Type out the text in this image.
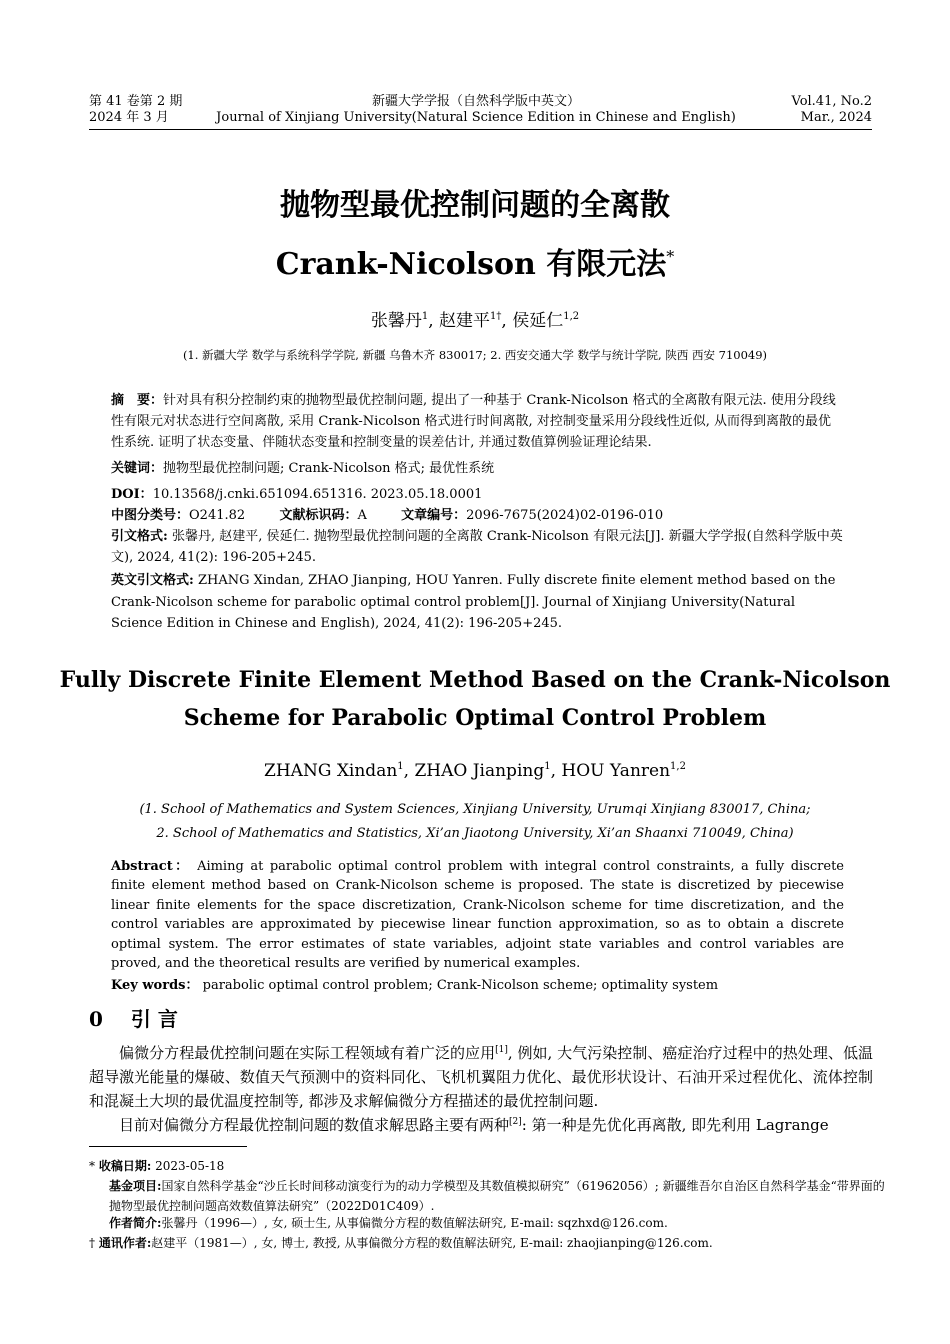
第 41 卷第 2 期
2024 年 3 月
新疆大学学报（自然科学版中英文）
Journal of Xinjiang University(Natural Science Edition in Chinese and English)
Vol.41, No.2
Mar., 2024
抛物型最优控制问题的全离散
Crank-Nicolson 有限元法*
张馨丹$^1$, 赵建平$^{1\dagger}$, 侯延仁$^{1,2}$
(1. 新疆大学 数学与系统科学学院, 新疆 乌鲁木齐 830017; 2. 西安交通大学 数学与统计学院, 陕西 西安 710049)
摘　要：针对具有积分控制约束的抛物型最优控制问题, 提出了一种基于 Crank-Nicolson 格式的全离散有限元法. 使用分段线性有限元对状态进行空间离散, 采用 Crank-Nicolson 格式进行时间离散, 对控制变量采用分段线性近似, 从而得到离散的最优性系统. 证明了状态变量、伴随状态变量和控制变量的误差估计, 并通过数值算例验证理论结果.
关键词：抛物型最优控制问题; Crank-Nicolson 格式; 最优性系统
DOI：10.13568/j.cnki.651094.651316. 2023.05.18.0001
中图分类号：O241.82	文献标识码：A	文章编号：2096-7675(2024)02-0196-010
引文格式: 张馨丹, 赵建平, 侯延仁. 抛物型最优控制问题的全离散 Crank-Nicolson 有限元法[J]. 新疆大学学报(自然科学版中英文), 2024, 41(2): 196-205+245.
英文引文格式: ZHANG Xindan, ZHAO Jianping, HOU Yanren. Fully discrete finite element method based on the Crank-Nicolson scheme for parabolic optimal control problem[J]. Journal of Xinjiang University(Natural Science Edition in Chinese and English), 2024, 41(2): 196-205+245.
Fully Discrete Finite Element Method Based on the Crank-Nicolson
Scheme for Parabolic Optimal Control Problem
ZHANG Xindan$^1$, ZHAO Jianping$^1$, HOU Yanren$^{1,2}$
(1. School of Mathematics and System Sciences, Xinjiang University, Urumqi Xinjiang 830017, China;
2. School of Mathematics and Statistics, Xi’an Jiaotong University, Xi’an Shaanxi 710049, China)
Abstract： Aiming at parabolic optimal control problem with integral control constraints, a fully discrete finite element method based on Crank-Nicolson scheme is proposed. The state is discretized by piecewise linear finite elements for the space discretization, Crank-Nicolson scheme for time discretization, and the control variables are approximated by piecewise linear function approximation, so as to obtain a discrete optimal system. The error estimates of state variables, adjoint state variables and control variables are proved, and the theoretical results are verified by numerical examples.
Key words： parabolic optimal control problem; Crank-Nicolson scheme; optimality system
0 引 言
偏微分方程最优控制问题在实际工程领域有着广泛的应用[1], 例如, 大气污染控制、癌症治疗过程中的热处理、低温超导激光能量的爆破、数值天气预测中的资料同化、飞机机翼阻力优化、最优形状设计、石油开采过程优化、流体控制和混凝土大坝的最优温度控制等, 都涉及求解偏微分方程描述的最优控制问题.
目前对偏微分方程最优控制问题的数值求解思路主要有两种[2]: 第一种是先优化再离散, 即先利用 Lagrange
* 收稿日期: 2023-05-18
基金项目:国家自然科学基金“沙丘长时间移动演变行为的动力学模型及其数值模拟研究”（61962056）; 新疆维吾尔自治区自然科学基金“带界面的抛物型最优控制问题高效数值算法研究”（2022D01C409）.
作者简介:张馨丹（1996—）, 女, 硕士生, 从事偏微分方程的数值解法研究, E-mail: sqzhxd@126.com.
† 通讯作者:赵建平（1981—）, 女, 博士, 教授, 从事偏微分方程的数值解法研究, E-mail: zhaojianping@126.com.
